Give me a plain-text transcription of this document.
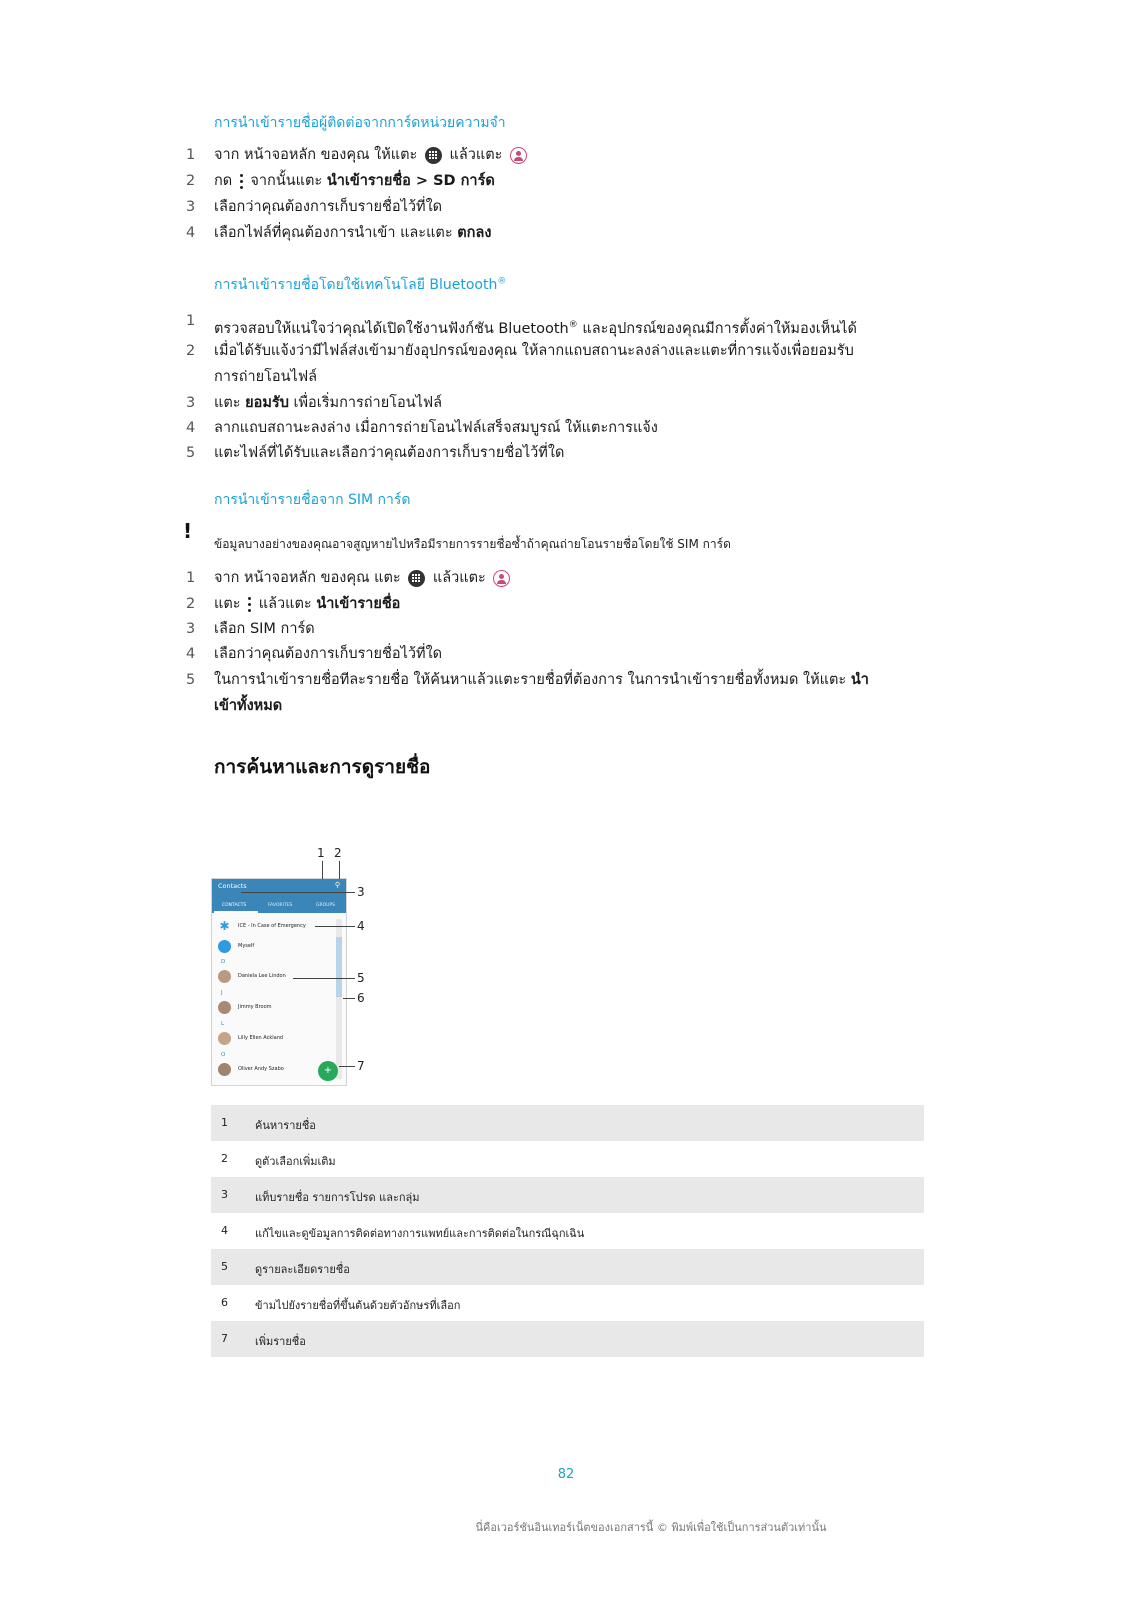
การนำเข้ารายชื่อผู้ติดต่อจากการ์ดหน่วยความจำ
1	จาก หน้าจอหลัก ของคุณ ให้แตะ แล้วแตะ
2	กด จากนั้นแตะ นำเข้ารายชื่อ > SD การ์ด
3	เลือกว่าคุณต้องการเก็บรายชื่อไว้ที่ใด
4	เลือกไฟล์ที่คุณต้องการนำเข้า และแตะ ตกลง
การนำเข้ารายชื่อโดยใช้เทคโนโลยี Bluetooth®
1	ตรวจสอบให้แน่ใจว่าคุณได้เปิดใช้งานฟังก์ชัน Bluetooth® และอุปกรณ์ของคุณมีการตั้งค่าให้มองเห็นได้
2	เมื่อได้รับแจ้งว่ามีไฟล์ส่งเข้ามายังอุปกรณ์ของคุณ ให้ลากแถบสถานะลงล่างและแตะที่การแจ้งเพื่อยอมรับ
การถ่ายโอนไฟล์
3	แตะ ยอมรับ เพื่อเริ่มการถ่ายโอนไฟล์
4	ลากแถบสถานะลงล่าง เมื่อการถ่ายโอนไฟล์เสร็จสมบูรณ์ ให้แตะการแจ้ง
5	แตะไฟล์ที่ได้รับและเลือกว่าคุณต้องการเก็บรายชื่อไว้ที่ใด
การนำเข้ารายชื่อจาก SIM การ์ด
!
ข้อมูลบางอย่างของคุณอาจสูญหายไปหรือมีรายการรายชื่อซ้ำถ้าคุณถ่ายโอนรายชื่อโดยใช้ SIM การ์ด
1	จาก หน้าจอหลัก ของคุณ แตะ แล้วแตะ
2	แตะ แล้วแตะ นำเข้ารายชื่อ
3	เลือก SIM การ์ด
4	เลือกว่าคุณต้องการเก็บรายชื่อไว้ที่ใด
5	ในการนำเข้ารายชื่อทีละรายชื่อ ให้ค้นหาแล้วแตะรายชื่อที่ต้องการ ในการนำเข้ารายชื่อทั้งหมด ให้แตะ นำ
เข้าทั้งหมด
การค้นหาและการดูรายชื่อ
Contacts	⚲
CONTACTS	FAVORITES	GROUPS
✱ ICE - In Case of Emergency
Myself
D
Daniela Lee Lindon
J
Jimmy Broom
L
Lilly Ellen Ackland
O
Oliver Andy Szabo	+
1 2
3
4
5
6
7
1 ค้นหารายชื่อ
2 ดูตัวเลือกเพิ่มเติม
3 แท็บรายชื่อ รายการโปรด และกลุ่ม
4 แก้ไขและดูข้อมูลการติดต่อทางการแพทย์และการติดต่อในกรณีฉุกเฉิน
5 ดูรายละเอียดรายชื่อ
6 ข้ามไปยังรายชื่อที่ขึ้นต้นด้วยตัวอักษรที่เลือก
7 เพิ่มรายชื่อ
82
นี่คือเวอร์ชันอินเทอร์เน็ตของเอกสารนี้ © พิมพ์เพื่อใช้เป็นการส่วนตัวเท่านั้น
